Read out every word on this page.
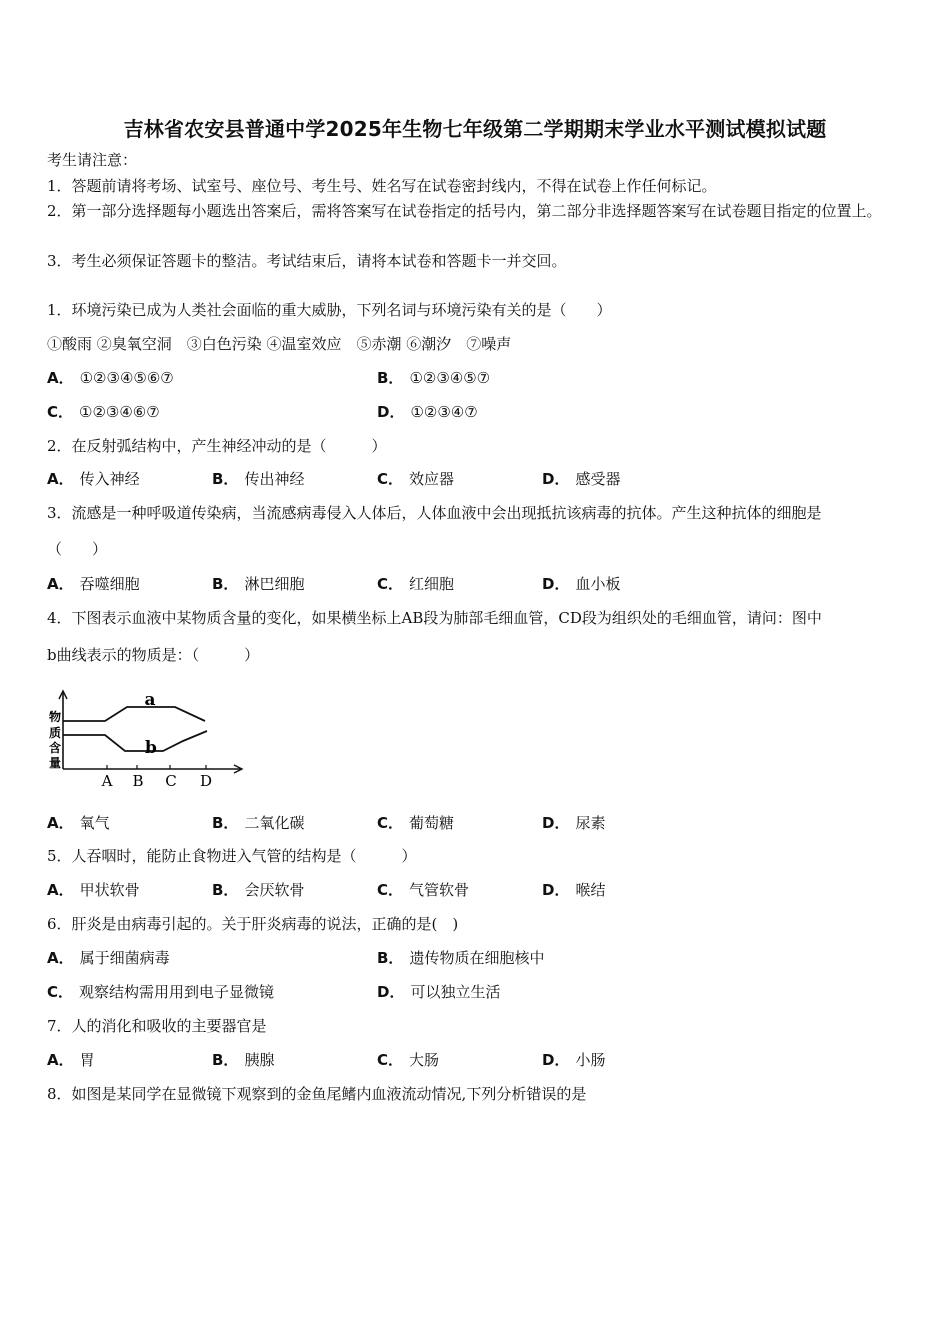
吉林省农安县普通中学2025年生物七年级第二学期期末学业水平测试模拟试题
考生请注意：
1．答题前请将考场、试室号、座位号、考生号、姓名写在试卷密封线内，不得在试卷上作任何标记。
2．第一部分选择题每小题选出答案后，需将答案写在试卷指定的括号内，第二部分非选择题答案写在试卷题目指定的位置上。
3．考生必须保证答题卡的整洁。考试结束后，请将本试卷和答题卡一并交回。
1．环境污染已成为人类社会面临的重大威胁，下列名词与环境污染有关的是（　　）
①酸雨 ②臭氧空洞　③白色污染 ④温室效应　⑤赤潮 ⑥潮汐　⑦噪声
A． ①②③④⑤⑥⑦	B． ①②③④⑤⑦
C． ①②③④⑥⑦	D． ①②③④⑦
2．在反射弧结构中，产生神经冲动的是（　　　）
A． 传入神经	B． 传出神经	C． 效应器	D． 感受器
3．流感是一种呼吸道传染病，当流感病毒侵入人体后，人体血液中会出现抵抗该病毒的抗体。产生这种抗体的细胞是
（　　）
A． 吞噬细胞	B． 淋巴细胞	C． 红细胞	D． 血小板
4．下图表示血液中某物质含量的变化，如果横坐标上AB段为肺部毛细血管，CD段为组织处的毛细血管，请问：图中
b曲线表示的物质是：（　　　）
物
质
含
量
a
b
A B C D
A． 氧气	B． 二氧化碳	C． 葡萄糖	D． 尿素
5．人吞咽时，能防止食物进入气管的结构是（　　　）
A． 甲状软骨	B． 会厌软骨	C． 气管软骨	D． 喉结
6．肝炎是由病毒引起的。关于肝炎病毒的说法，正确的是(　)
A． 属于细菌病毒	B． 遗传物质在细胞核中
C． 观察结构需用用到电子显微镜	D． 可以独立生活
7．人的消化和吸收的主要器官是
A． 胃	B． 胰腺	C． 大肠	D． 小肠
8．如图是某同学在显微镜下观察到的金鱼尾鳍内血液流动情况,下列分析错误的是
